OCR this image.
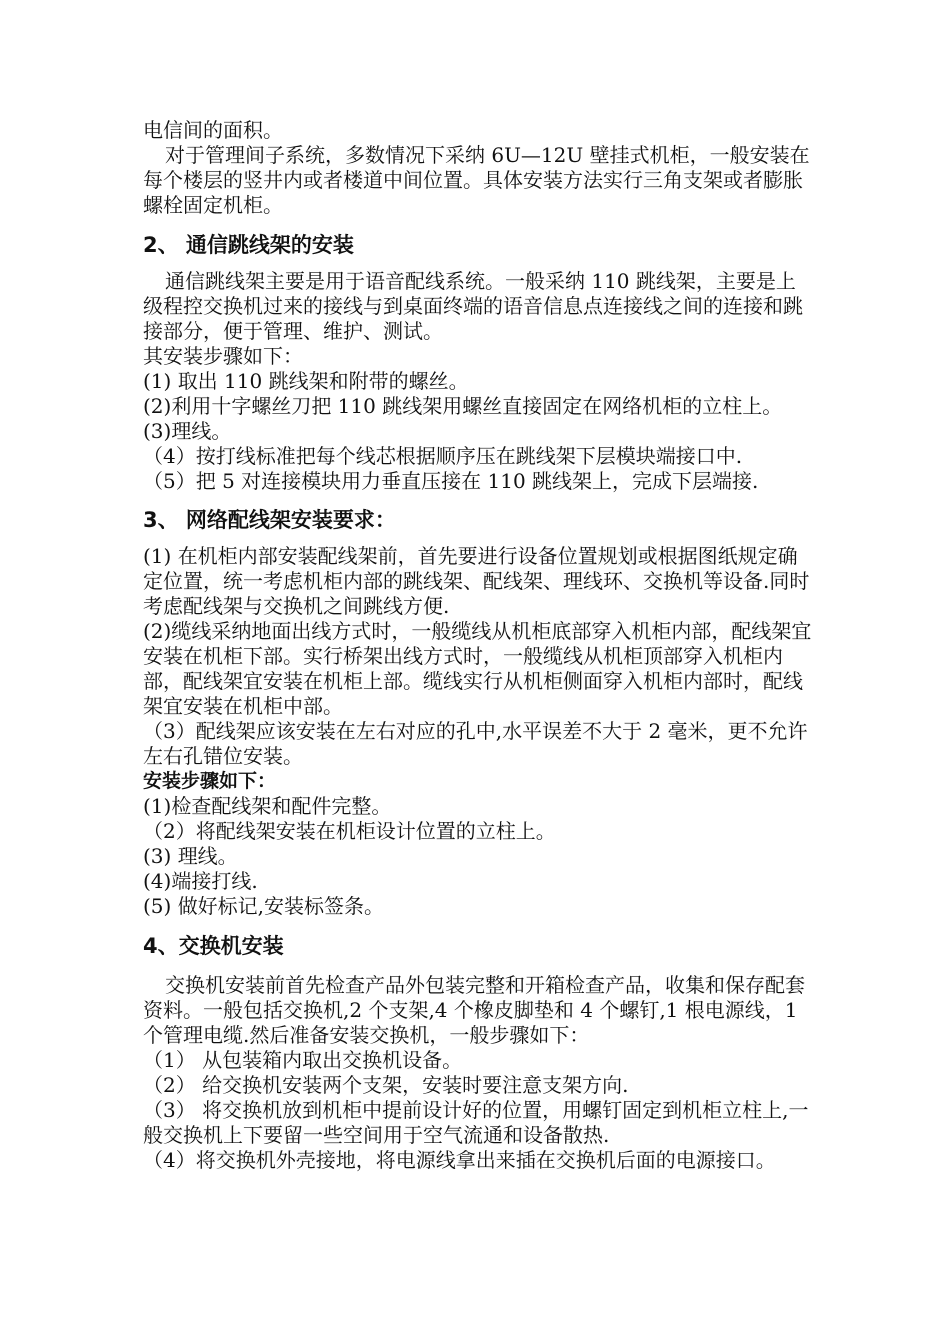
电信间的面积。

对于管理间子系统，多数情况下采纳 6U—12U 壁挂式机柜，一般安装在每个楼层的竖井内或者楼道中间位置。具体安装方法实行三角支架或者膨胀螺栓固定机柜。

2、 通信跳线架的安装

通信跳线架主要是用于语音配线系统。一般采纳 110 跳线架，主要是上级程控交换机过来的接线与到桌面终端的语音信息点连接线之间的连接和跳接部分，便于管理、维护、测试。

其安装步骤如下：

(1) 取出 110 跳线架和附带的螺丝。

(2)利用十字螺丝刀把 110 跳线架用螺丝直接固定在网络机柜的立柱上。

(3)理线。

（4）按打线标准把每个线芯根据顺序压在跳线架下层模块端接口中.

（5）把 5 对连接模块用力垂直压接在 110 跳线架上，完成下层端接.

3、 网络配线架安装要求：

(1) 在机柜内部安装配线架前，首先要进行设备位置规划或根据图纸规定确定位置，统一考虑机柜内部的跳线架、配线架、理线环、交换机等设备.同时考虑配线架与交换机之间跳线方便.

(2)缆线采纳地面出线方式时，一般缆线从机柜底部穿入机柜内部，配线架宜安装在机柜下部。实行桥架出线方式时，一般缆线从机柜顶部穿入机柜内部，配线架宜安装在机柜上部。缆线实行从机柜侧面穿入机柜内部时，配线架宜安装在机柜中部。

（3）配线架应该安装在左右对应的孔中,水平误差不大于 2 毫米，更不允许左右孔错位安装。

安装步骤如下：

(1)检查配线架和配件完整。

（2）将配线架安装在机柜设计位置的立柱上。

(3) 理线。

(4)端接打线.

(5) 做好标记,安装标签条。

4、交换机安装

交换机安装前首先检查产品外包装完整和开箱检查产品，收集和保存配套资料。一般包括交换机,2 个支架,4 个橡皮脚垫和 4 个螺钉,1 根电源线，1 个管理电缆.然后准备安装交换机，一般步骤如下：

（1） 从包装箱内取出交换机设备。

（2） 给交换机安装两个支架，安装时要注意支架方向.

（3） 将交换机放到机柜中提前设计好的位置，用螺钉固定到机柜立柱上,一般交换机上下要留一些空间用于空气流通和设备散热.

（4）将交换机外壳接地，将电源线拿出来插在交换机后面的电源接口。
